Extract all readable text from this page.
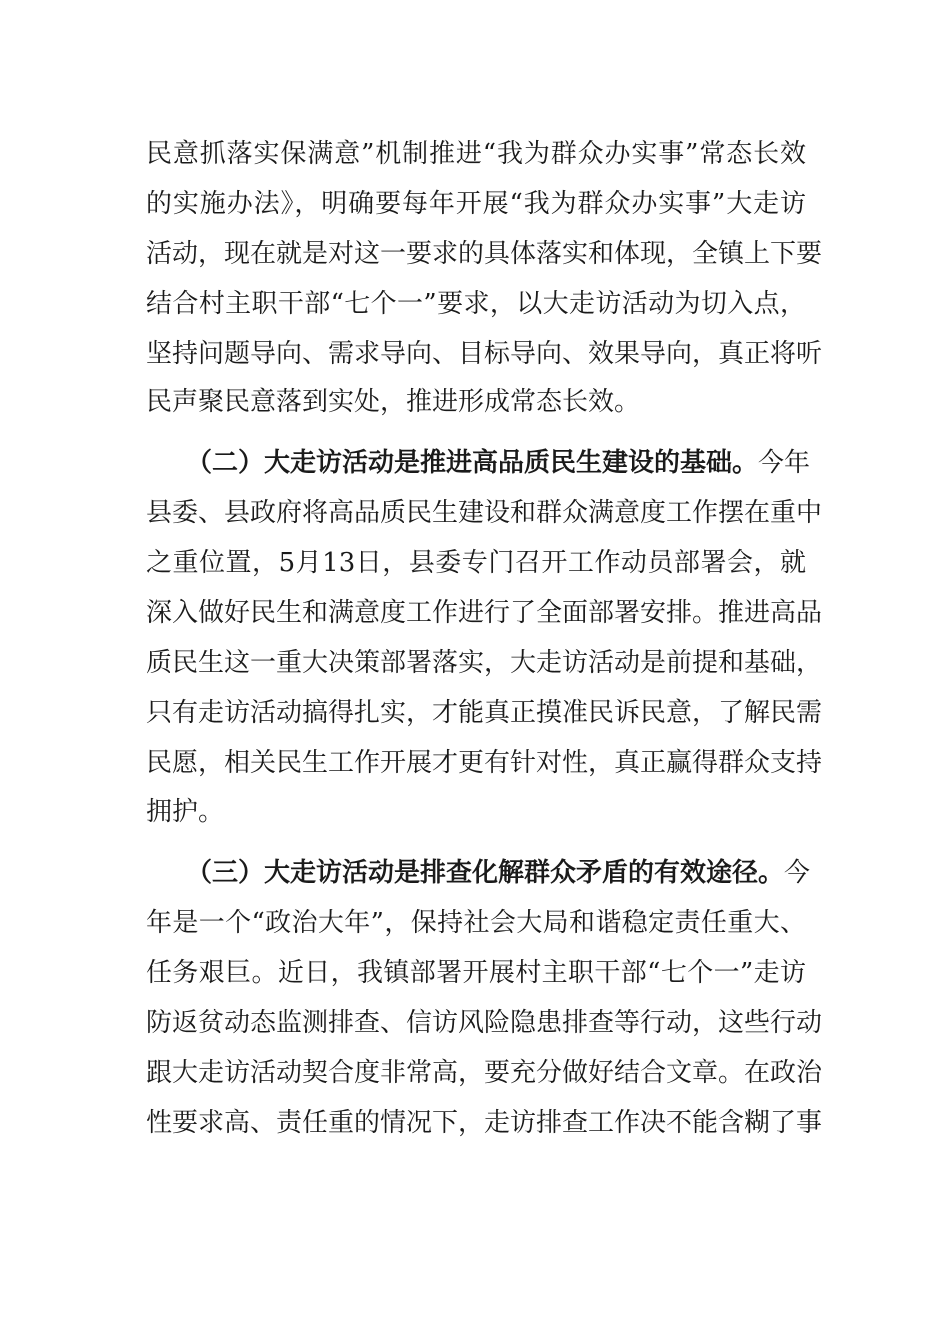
民意抓落实保满意”机制推进“我为群众办实事”常态长效
的实施办法》，明确要每年开展“我为群众办实事”大走访
活动，现在就是对这一要求的具体落实和体现，全镇上下要
结合村主职干部“七个一”要求，以大走访活动为切入点，
坚持问题导向、需求导向、目标导向、效果导向，真正将听
民声聚民意落到实处，推进形成常态长效。
（二）大走访活动是推进高品质民生建设的基础。今年
县委、县政府将高品质民生建设和群众满意度工作摆在重中
之重位置，5月13日，县委专门召开工作动员部署会，就
深入做好民生和满意度工作进行了全面部署安排。推进高品
质民生这一重大决策部署落实，大走访活动是前提和基础，
只有走访活动搞得扎实，才能真正摸准民诉民意，了解民需
民愿，相关民生工作开展才更有针对性，真正赢得群众支持
拥护。
（三）大走访活动是排查化解群众矛盾的有效途径。今
年是一个“政治大年”，保持社会大局和谐稳定责任重大、
任务艰巨。近日，我镇部署开展村主职干部“七个一”走访
防返贫动态监测排查、信访风险隐患排查等行动，这些行动
跟大走访活动契合度非常高，要充分做好结合文章。在政治
性要求高、责任重的情况下，走访排查工作决不能含糊了事
